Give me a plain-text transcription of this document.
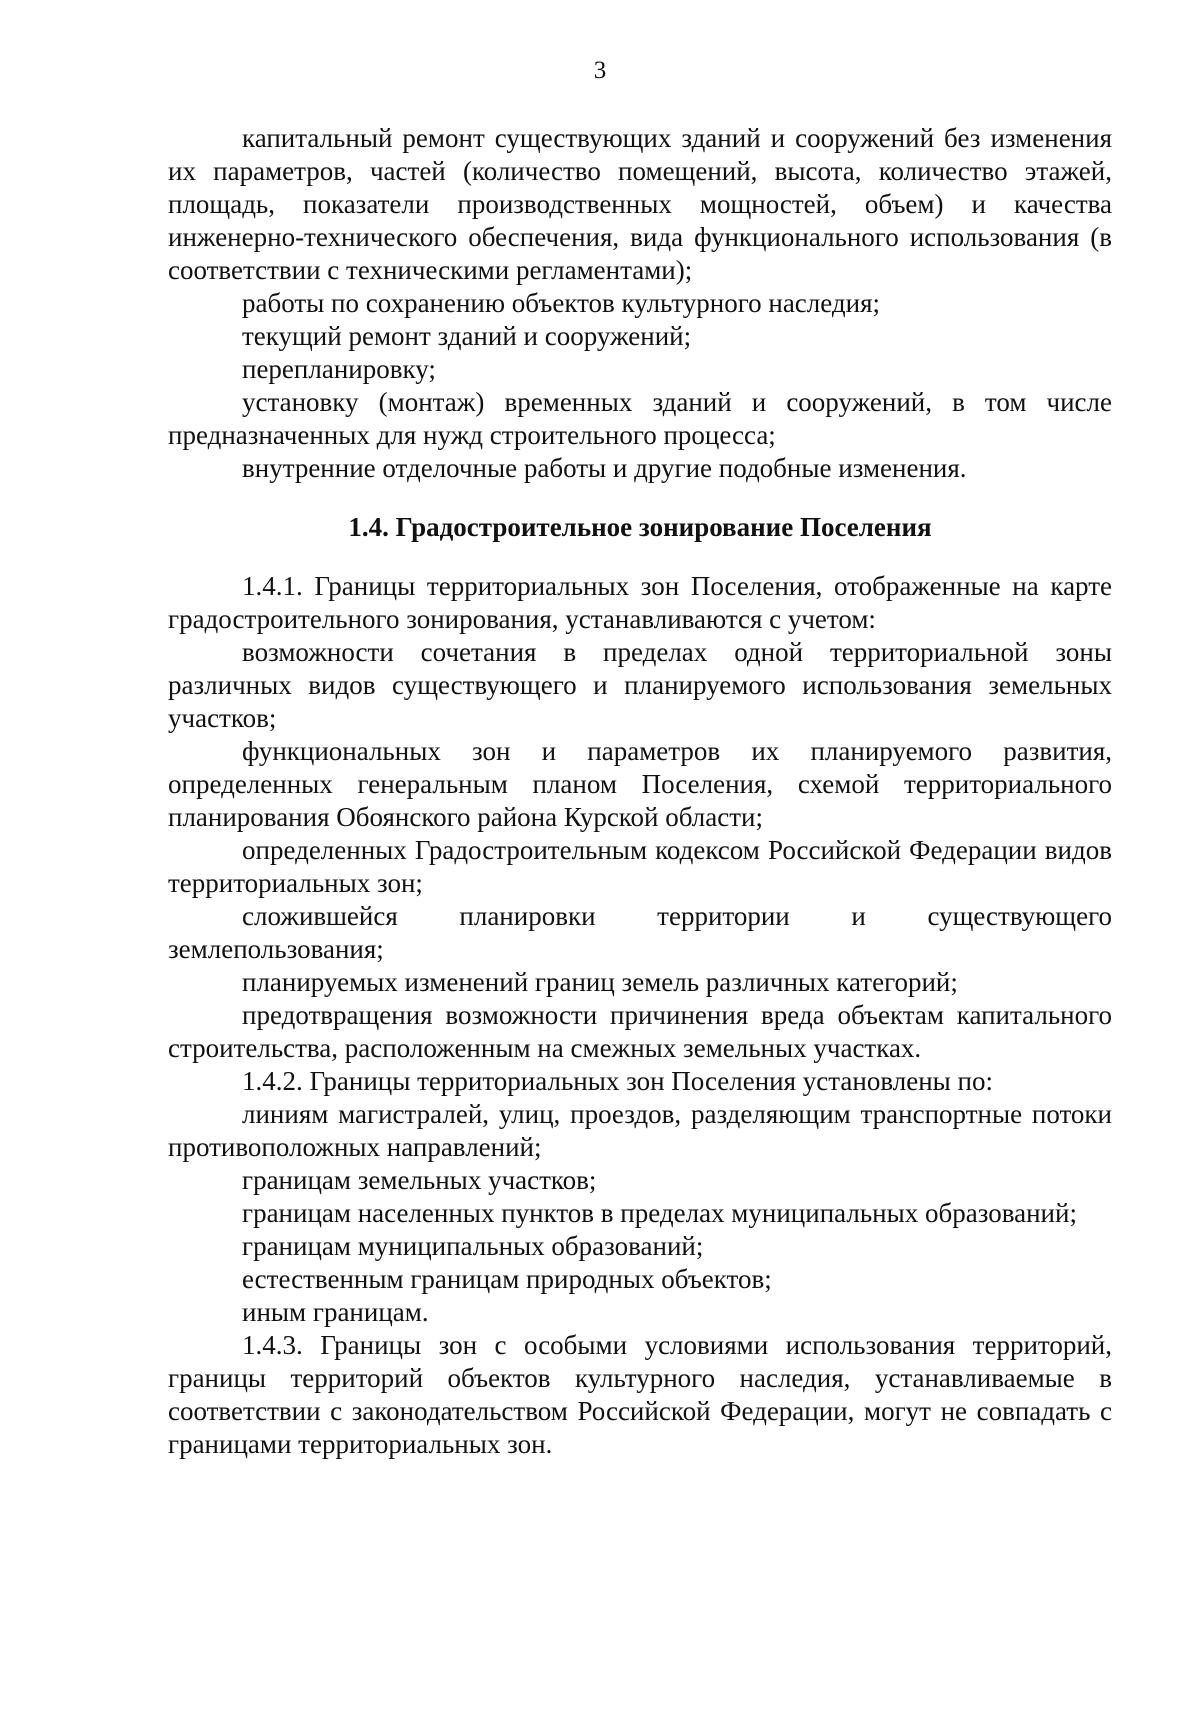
3

капитальный ремонт существующих зданий и сооружений без изменения их параметров, частей (количество помещений, высота, количество этажей, площадь, показатели производственных мощностей, объем) и качества инженерно-технического обеспечения, вида функционального использования (в соответствии с техническими регламентами);

работы по сохранению объектов культурного наследия;

текущий ремонт зданий и сооружений;

перепланировку;

установку (монтаж) временных зданий и сооружений, в том числе предназначенных для нужд строительного процесса;

внутренние отделочные работы и другие подобные изменения.

1.4. Градостроительное зонирование Поселения

1.4.1. Границы территориальных зон Поселения, отображенные на карте градостроительного зонирования, устанавливаются с учетом:

возможности сочетания в пределах одной территориальной зоны различных видов существующего и планируемого использования земельных участков;

функциональных зон и параметров их планируемого развития, определенных генеральным планом Поселения, схемой территориального планирования Обоянского района Курской области;

определенных Градостроительным кодексом Российской Федерации видов территориальных зон;

сложившейся планировки территории и существующего землепользования;

планируемых изменений границ земель различных категорий;

предотвращения возможности причинения вреда объектам капитального строительства, расположенным на смежных земельных участках.

1.4.2. Границы территориальных зон Поселения установлены по:

линиям магистралей, улиц, проездов, разделяющим транспортные потоки противоположных направлений;

границам земельных участков;

границам населенных пунктов в пределах муниципальных образований;

границам муниципальных образований;

естественным границам природных объектов;

иным границам.

1.4.3. Границы зон с особыми условиями использования территорий, границы территорий объектов культурного наследия, устанавливаемые в соответствии с законодательством Российской Федерации, могут не совпадать с границами территориальных зон.
